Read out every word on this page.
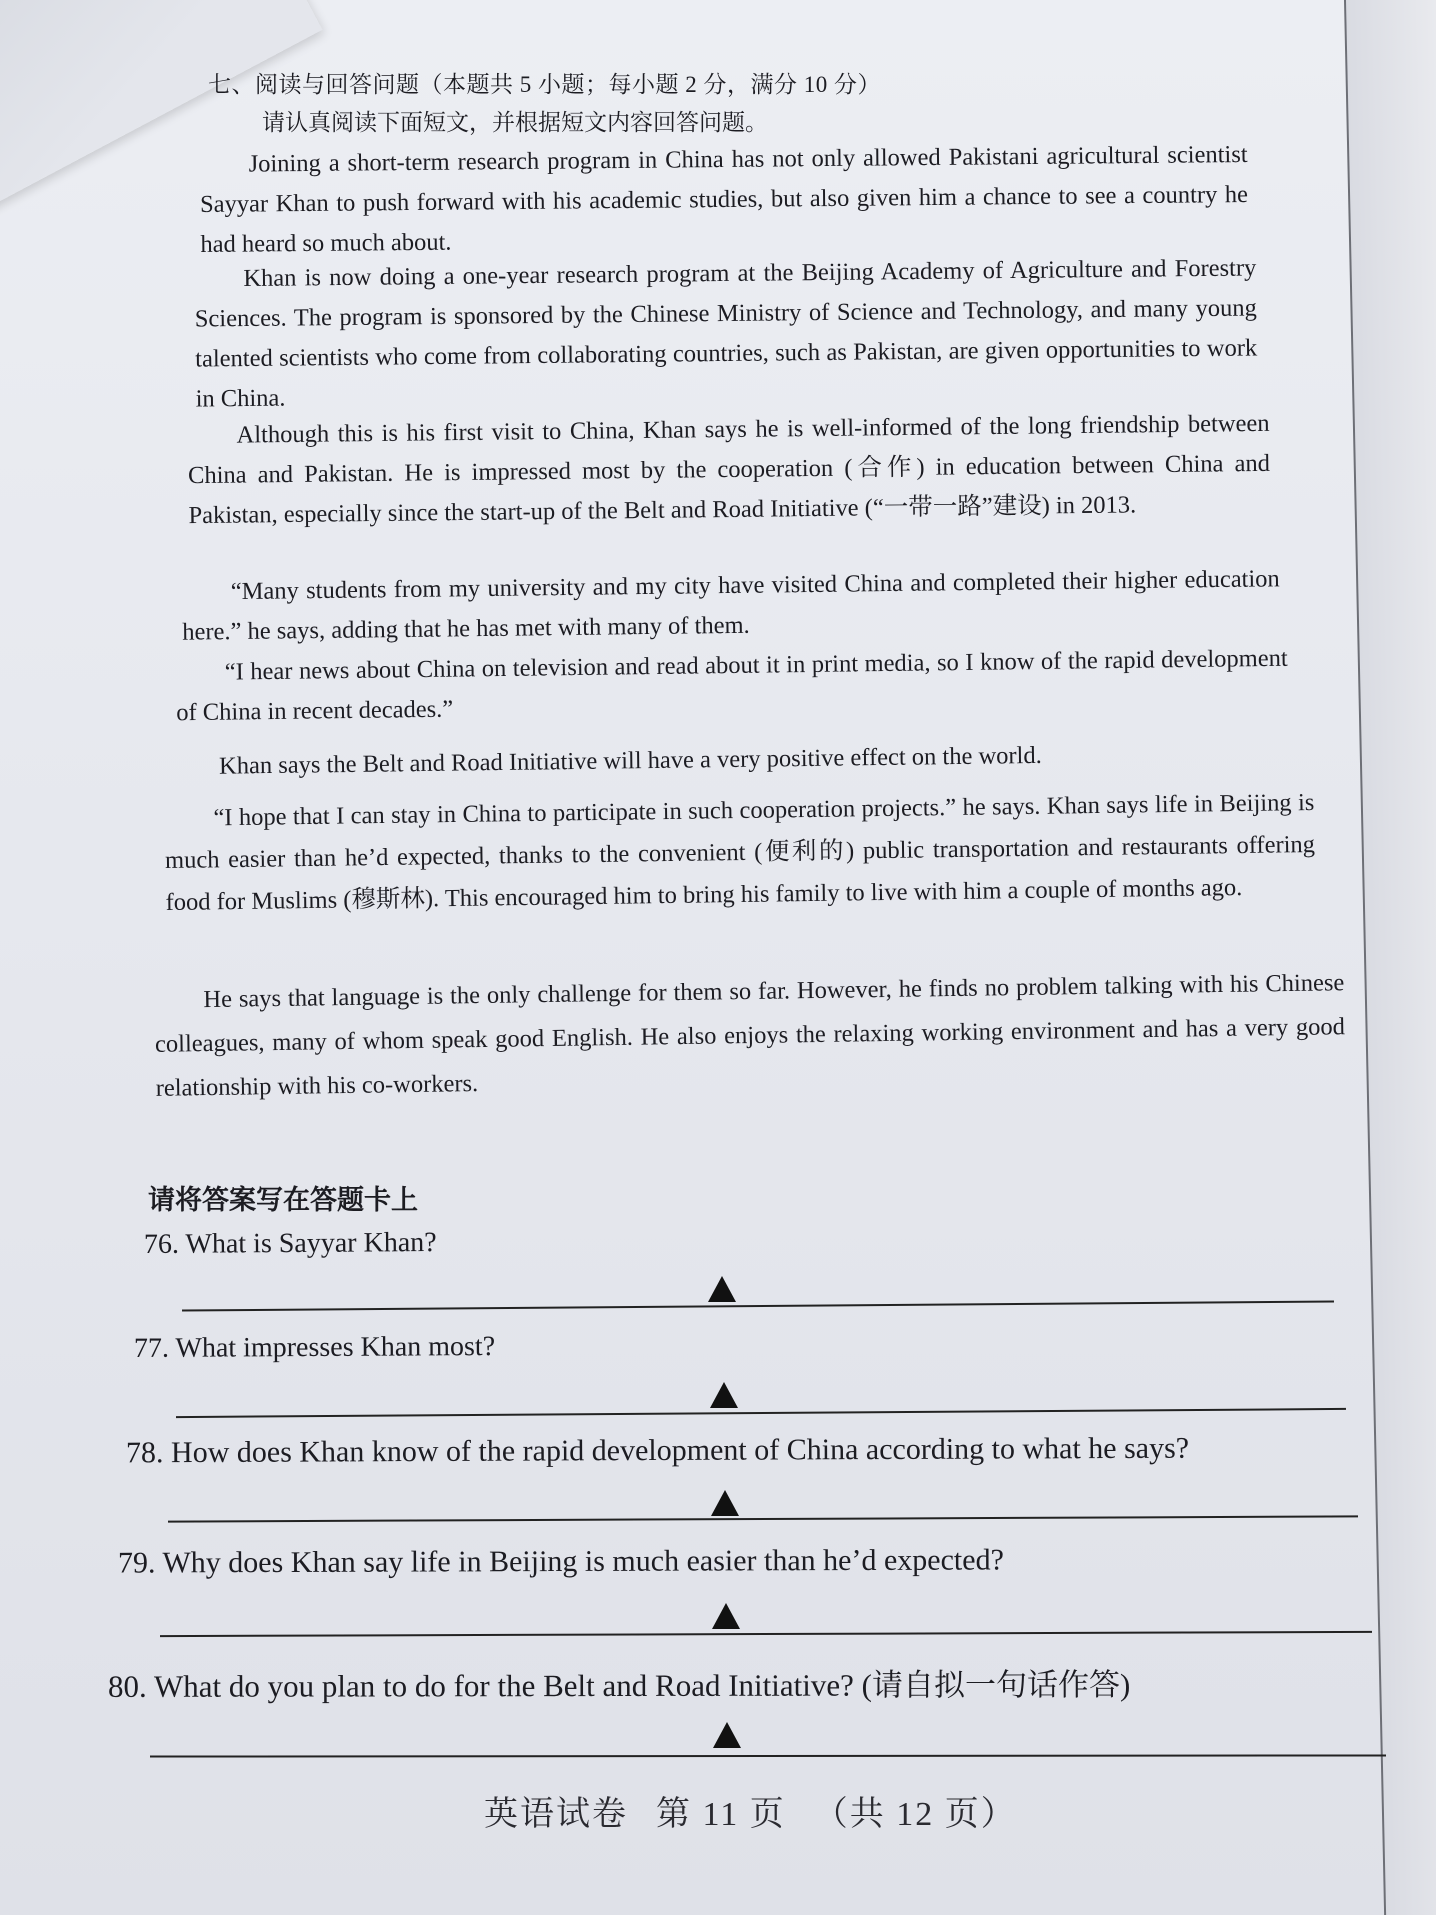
七、阅读与回答问题（本题共 5 小题；每小题 2 分，满分 10 分）
请认真阅读下面短文，并根据短文内容回答问题。

Joining a short-term research program in China has not only allowed Pakistani agricultural scientist Sayyar Khan to push forward with his academic studies, but also given him a chance to see a country he had heard so much about.

Khan is now doing a one-year research program at the Beijing Academy of Agriculture and Forestry Sciences. The program is sponsored by the Chinese Ministry of Science and Technology, and many young talented scientists who come from collaborating countries, such as Pakistan, are given opportunities to work in China.

Although this is his first visit to China, Khan says he is well-informed of the long friendship between China and Pakistan. He is impressed most by the cooperation (合作) in education between China and Pakistan, especially since the start-up of the Belt and Road Initiative (“一带一路”建设) in 2013.

“Many students from my university and my city have visited China and completed their higher education here.” he says, adding that he has met with many of them.

“I hear news about China on television and read about it in print media, so I know of the rapid development of China in recent decades.”

Khan says the Belt and Road Initiative will have a very positive effect on the world.

“I hope that I can stay in China to participate in such cooperation projects.” he says. Khan says life in Beijing is much easier than he’d expected, thanks to the convenient (便利的) public transportation and restaurants offering food for Muslims (穆斯林). This encouraged him to bring his family to live with him a couple of months ago.

He says that language is the only challenge for them so far. However, he finds no problem talking with his Chinese colleagues, many of whom speak good English. He also enjoys the relaxing working environment and has a very good relationship with his co-workers.

请将答案写在答题卡上
76. What is Sayyar Khan?
77. What impresses Khan most?
78. How does Khan know of the rapid development of China according to what he says?
79. Why does Khan say life in Beijing is much easier than he’d expected?
80. What do you plan to do for the Belt and Road Initiative? (请自拟一句话作答)
英语试卷 第 11 页 （共 12 页）
